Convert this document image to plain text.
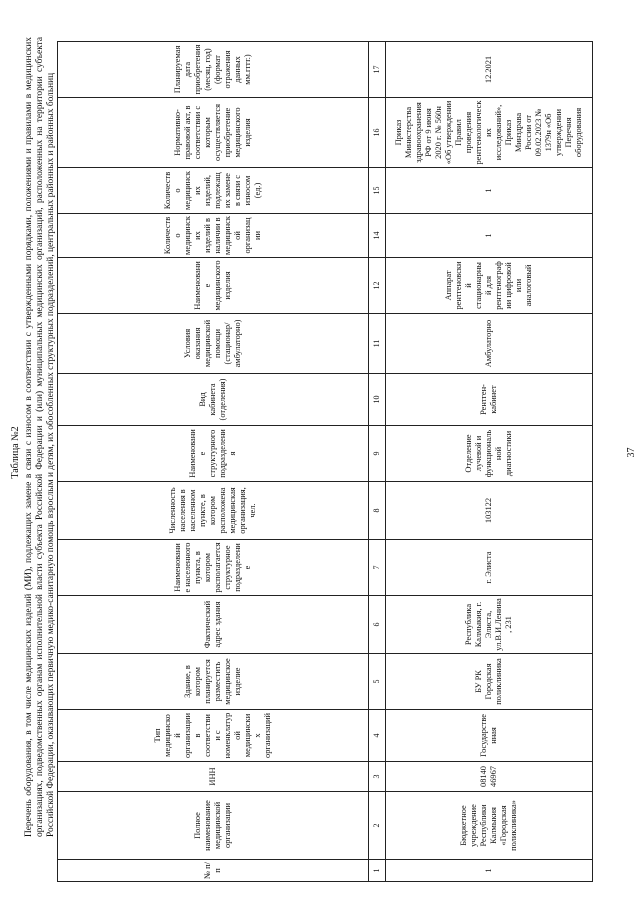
Таблица №2 Перечень оборудования, в том числе медицинских изделий (МИ), подлежащих замене в связи с износом в соответствии с утвержденными порядками, положениями и правилами в медицинских организациях, подведомственных органам исполнительной власти субъекта Российской Федерации и (или) муниципальных медицинских организаций, расположенных на территории субъекта Российской Федерации, оказывающих первичную медико-санитарную помощь взрослым и детям, их обособленных структурных подразделений, центральных районных и районных больниц
№ п/ п	Полное наименование медицинской организации	ИНН	Тип медицинской организации в соответствии с номенклатурой медицинских организаций	Здание, в котором планируется разместить медицинское изделие	Фактический адрес здания	Наименование населенного пункта, в котором располагается структурное подразделение	Численность населения в населенном пункте, в котором расположена медицинская организация, чел.	Наименование структурного подразделения	Вид кабинета (отделения)	Условия оказания медицинской помощи (стационар/амбулаторно)	Наименование медицинского изделия	Количество медицинских изделий в наличии в медицинской организации	Количество медицинских изделий, подлежащих замене в связи с износом (ед.)	Нормативно-правовой акт, в соответствии с которым осуществляется приобретение медицинского изделия	Планируемая дата приобретения (месяц, год) (формат отражения данных мм.гггг.)
1	2	3	4	5	6	7	8	9	10	11	12	14	15	16	17
1	Бюджетное учреждение Республики Калмыкия «Городская поликлиника»	0814046967	Государственная	БУ РК Городская поликлиника	Республика Калмыкия, г. Элиста, ул.В.И.Ленина, 231	г. Элиста	103122	Отделение лучевой и функциональной диагностики	Рентген-кабинет	Амбулаторно	Аппарат рентгеновский стационарный для рентгенографии цифровой или аналоговый	1	1	Приказ Министерства здравоохранения РФ от 9 июня 2020 г. № 560н «Об утверждении Правил проведения рентгенологических исследований», Приказ Минздрава России от 09.02.2023 № 1379н «Об утверждении Перечня оборудования	12.2021
37
